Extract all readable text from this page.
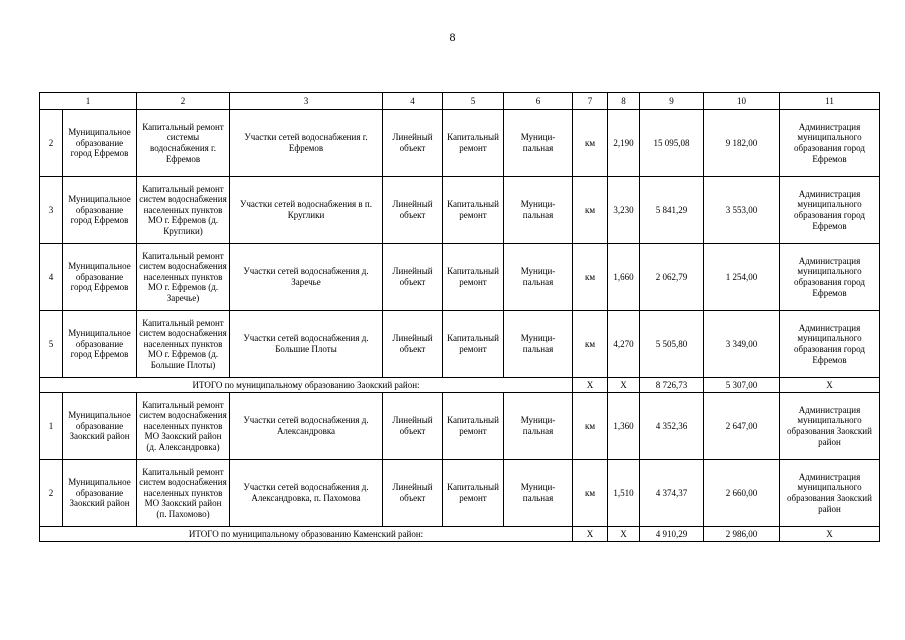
8
1		2	3	4	5	6	7	8	9	10	11
2	Муниципальное образование город Ефремов	Капитальный ремонт системы водоснабжения г. Ефремов	Участки сетей водоснабжения г. Ефремов	Линейный объект	Капитальный ремонт	Муници-пальная	км	2,190	15 095,08	9 182,00	Администрация муниципального образования город Ефремов
3	Муниципальное образование город Ефремов	Капитальный ремонт систем водоснабжения населенных пунктов МО г. Ефремов (д. Круглики)	Участки сетей водоснабжения в п. Круглики	Линейный объект	Капитальный ремонт	Муници-пальная	км	3,230	5 841,29	3 553,00	Администрация муниципального образования город Ефремов
4	Муниципальное образование город Ефремов	Капитальный ремонт систем водоснабжения населенных пунктов МО г. Ефремов (д. Заречье)	Участки сетей водоснабжения д. Заречье	Линейный объект	Капитальный ремонт	Муници-пальная	км	1,660	2 062,79	1 254,00	Администрация муниципального образования город Ефремов
5	Муниципальное образование город Ефремов	Капитальный ремонт систем водоснабжения населенных пунктов МО г. Ефремов (д. Большие Плоты)	Участки сетей водоснабжения д. Большие Плоты	Линейный объект	Капитальный ремонт	Муници-пальная	км	4,270	5 505,80	3 349,00	Администрация муниципального образования город Ефремов
ИТОГО по муниципальному образованию Заокский район:							Х	Х	8 726,73	5 307,00	Х
1	Муниципальное образование Заокский район	Капитальный ремонт систем водоснабжения населенных пунктов МО Заокский район (д. Александровка)	Участки сетей водоснабжения д. Александровка	Линейный объект	Капитальный ремонт	Муници-пальная	км	1,360	4 352,36	2 647,00	Администрация муниципального образования Заокский район
2	Муниципальное образование Заокский район	Капитальный ремонт систем водоснабжения населенных пунктов МО Заокский район (п. Пахомово)	Участки сетей водоснабжения д. Александровка, п. Пахомова	Линейный объект	Капитальный ремонт	Муници-пальная	км	1,510	4 374,37	2 660,00	Администрация муниципального образования Заокский район
ИТОГО по муниципальному образованию Каменский район:							Х	Х	4 910,29	2 986,00	Х
